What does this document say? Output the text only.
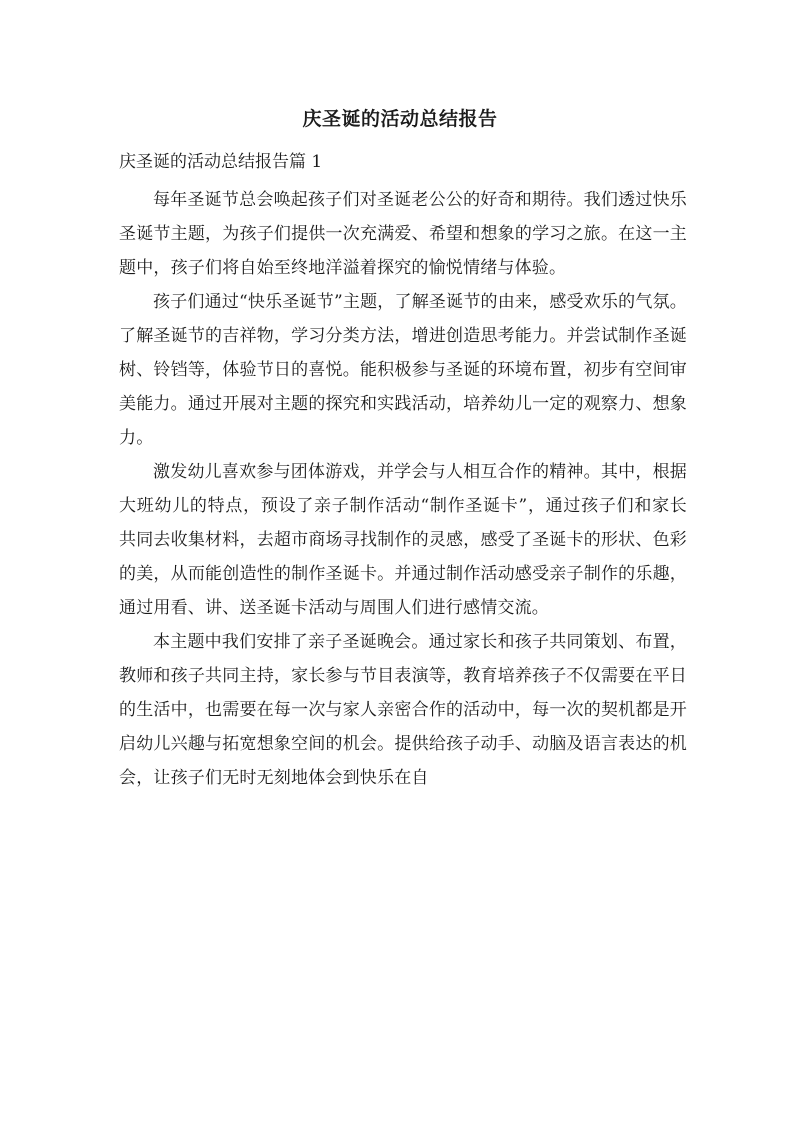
庆圣诞的活动总结报告
庆圣诞的活动总结报告篇 1

每年圣诞节总会唤起孩子们对圣诞老公公的好奇和期待。我们透过快乐圣诞节主题，为孩子们提供一次充满爱、希望和想象的学习之旅。在这一主题中，孩子们将自始至终地洋溢着探究的愉悦情绪与体验。

孩子们通过“快乐圣诞节”主题，了解圣诞节的由来，感受欢乐的气氛。了解圣诞节的吉祥物，学习分类方法，增进创造思考能力。并尝试制作圣诞树、铃铛等，体验节日的喜悦。能积极参与圣诞的环境布置，初步有空间审美能力。通过开展对主题的探究和实践活动，培养幼儿一定的观察力、想象力。

激发幼儿喜欢参与团体游戏，并学会与人相互合作的精神。其中，根据大班幼儿的特点，预设了亲子制作活动“制作圣诞卡”，通过孩子们和家长共同去收集材料，去超市商场寻找制作的灵感，感受了圣诞卡的形状、色彩的美，从而能创造性的制作圣诞卡。并通过制作活动感受亲子制作的乐趣，通过用看、讲、送圣诞卡活动与周围人们进行感情交流。

本主题中我们安排了亲子圣诞晚会。通过家长和孩子共同策划、布置，教师和孩子共同主持，家长参与节目表演等，教育培养孩子不仅需要在平日的生活中，也需要在每一次与家人亲密合作的活动中，每一次的契机都是开启幼儿兴趣与拓宽想象空间的机会。提供给孩子动手、动脑及语言表达的机会，让孩子们无时无刻地体会到快乐在自
